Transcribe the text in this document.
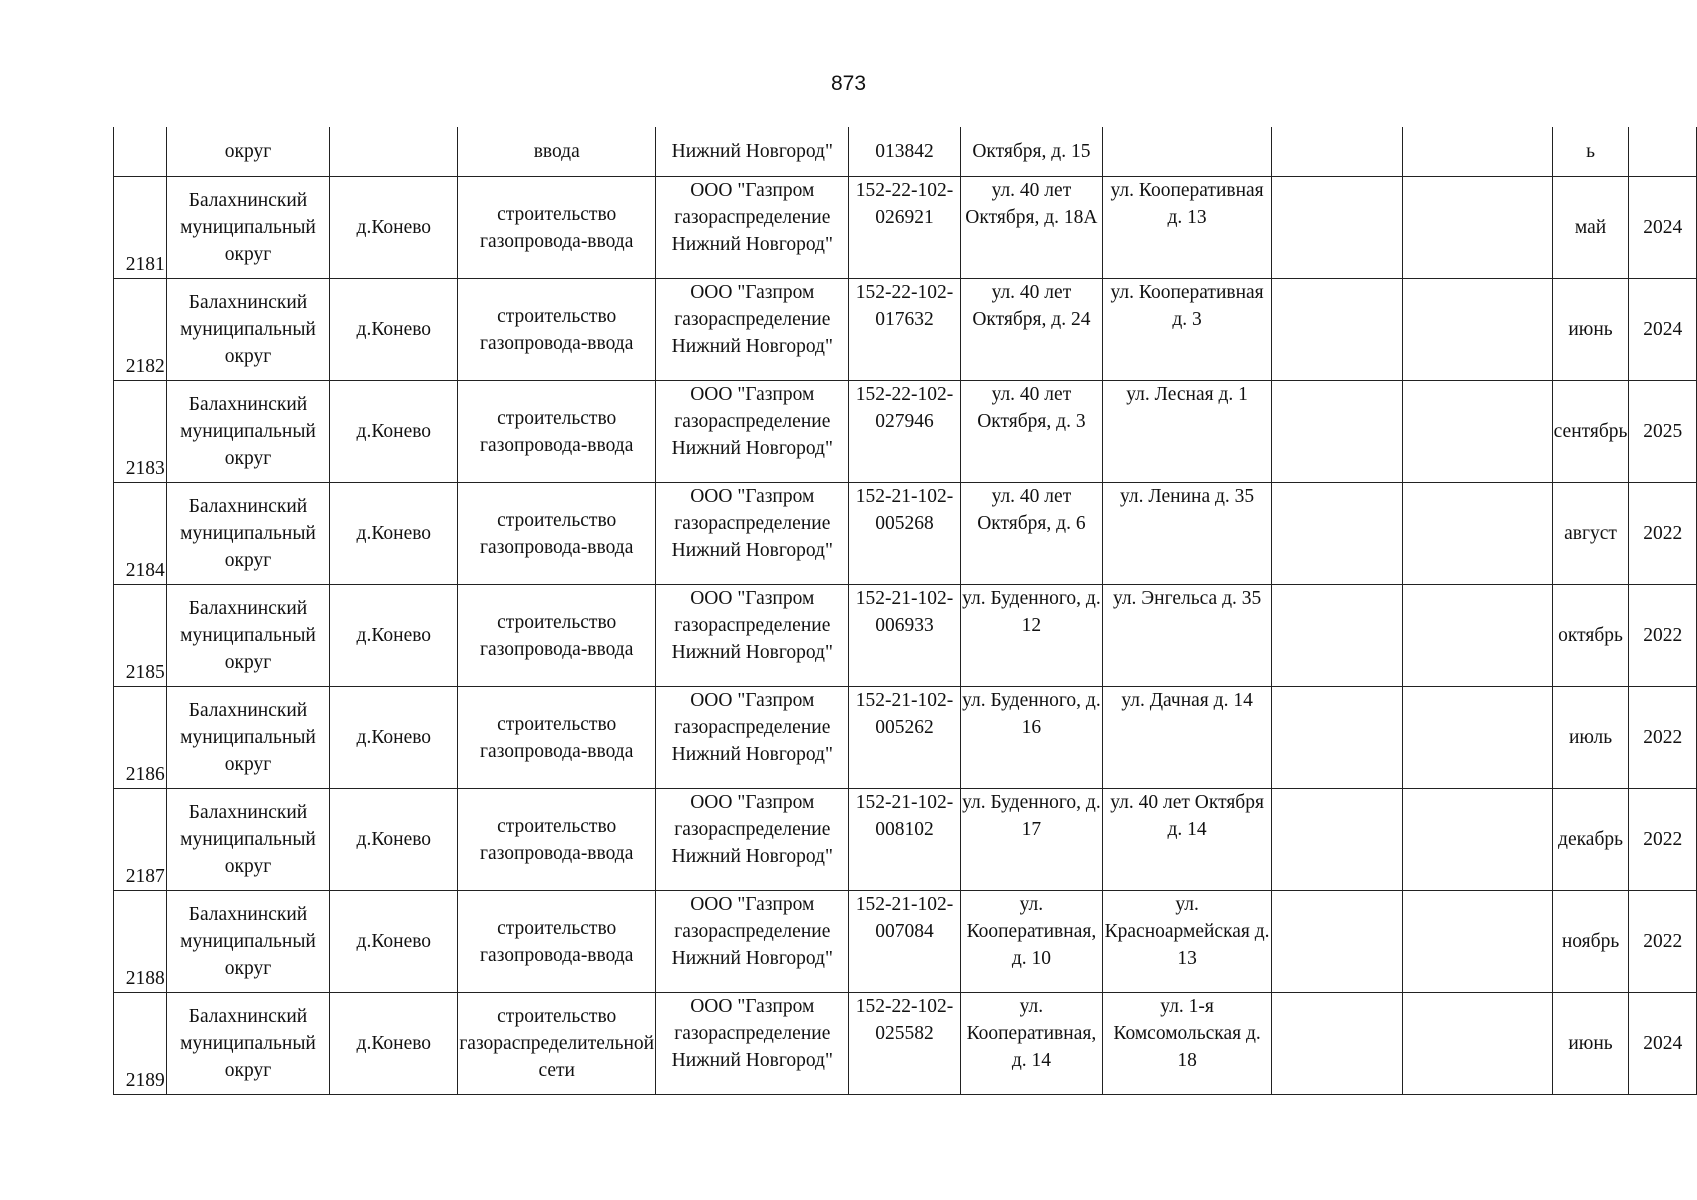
873
	округ		ввода	Нижний Новгород"	013842	Октября, д. 15				ь	
2181	Балахнинский муниципальный округ	д.Конево	строительство газопровода-ввода	ООО "Газпром газораспределение Нижний Новгород"	152-22-102-026921	ул. 40 лет Октября, д. 18А	ул. Кооперативная д. 13			май	2024
2182	Балахнинский муниципальный округ	д.Конево	строительство газопровода-ввода	ООО "Газпром газораспределение Нижний Новгород"	152-22-102-017632	ул. 40 лет Октября, д. 24	ул. Кооперативная д. 3			июнь	2024
2183	Балахнинский муниципальный округ	д.Конево	строительство газопровода-ввода	ООО "Газпром газораспределение Нижний Новгород"	152-22-102-027946	ул. 40 лет Октября, д. 3	ул. Лесная д. 1			сентябрь	2025
2184	Балахнинский муниципальный округ	д.Конево	строительство газопровода-ввода	ООО "Газпром газораспределение Нижний Новгород"	152-21-102-005268	ул. 40 лет Октября, д. 6	ул. Ленина д. 35			август	2022
2185	Балахнинский муниципальный округ	д.Конево	строительство газопровода-ввода	ООО "Газпром газораспределение Нижний Новгород"	152-21-102-006933	ул. Буденного, д. 12	ул. Энгельса д. 35			октябрь	2022
2186	Балахнинский муниципальный округ	д.Конево	строительство газопровода-ввода	ООО "Газпром газораспределение Нижний Новгород"	152-21-102-005262	ул. Буденного, д. 16	ул. Дачная д. 14			июль	2022
2187	Балахнинский муниципальный округ	д.Конево	строительство газопровода-ввода	ООО "Газпром газораспределение Нижний Новгород"	152-21-102-008102	ул. Буденного, д. 17	ул. 40 лет Октября д. 14			декабрь	2022
2188	Балахнинский муниципальный округ	д.Конево	строительство газопровода-ввода	ООО "Газпром газораспределение Нижний Новгород"	152-21-102-007084	ул. Кооперативная, д. 10	ул. Красноармейская д. 13			ноябрь	2022
2189	Балахнинский муниципальный округ	д.Конево	строительство газораспределительной сети	ООО "Газпром газораспределение Нижний Новгород"	152-22-102-025582	ул. Кооперативная, д. 14	ул. 1-я Комсомольская д. 18			июнь	2024
